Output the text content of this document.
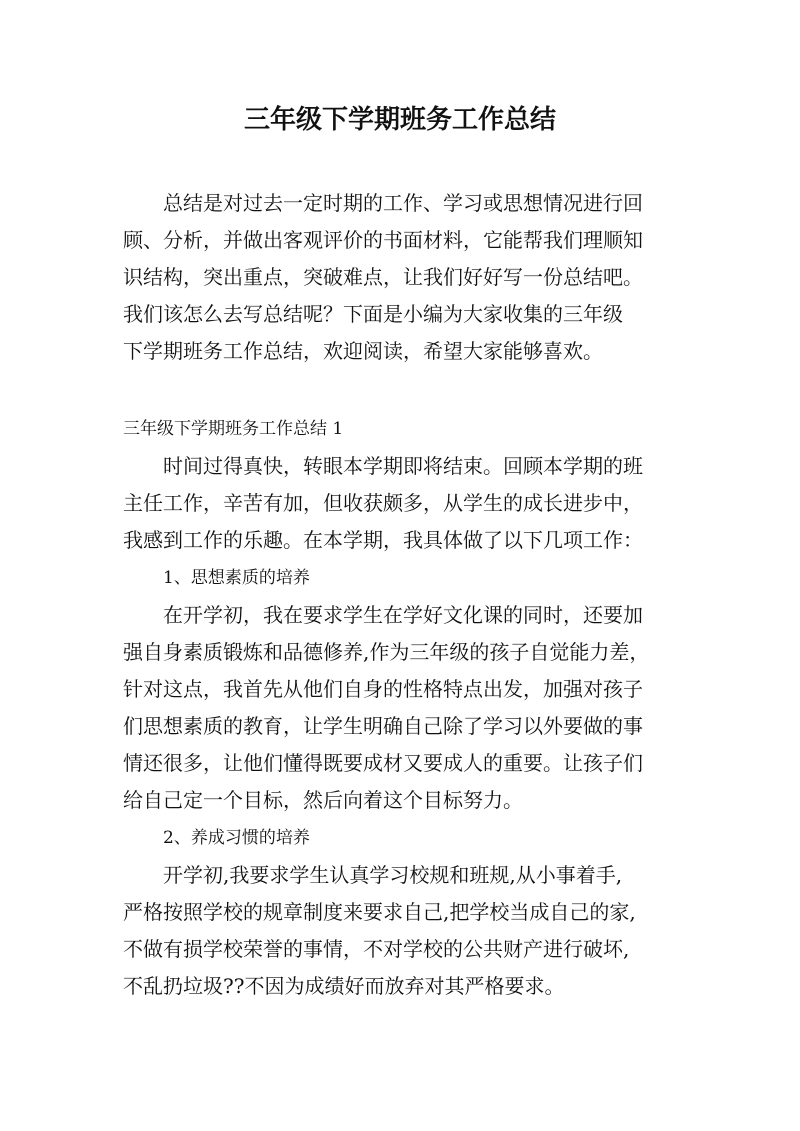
三年级下学期班务工作总结
总结是对过去一定时期的工作、学习或思想情况进行回
顾、分析，并做出客观评价的书面材料，它能帮我们理顺知
识结构，突出重点，突破难点，让我们好好写一份总结吧。
我们该怎么去写总结呢？下面是小编为大家收集的三年级
下学期班务工作总结，欢迎阅读，希望大家能够喜欢。
三年级下学期班务工作总结 1
时间过得真快，转眼本学期即将结束。回顾本学期的班
主任工作，辛苦有加，但收获颇多，从学生的成长进步中，
我感到工作的乐趣。在本学期，我具体做了以下几项工作：
1、思想素质的培养
在开学初，我在要求学生在学好文化课的同时，还要加
强自身素质锻炼和品德修养,作为三年级的孩子自觉能力差，
针对这点，我首先从他们自身的性格特点出发，加强对孩子
们思想素质的教育，让学生明确自己除了学习以外要做的事
情还很多，让他们懂得既要成材又要成人的重要。让孩子们
给自己定一个目标，然后向着这个目标努力。
2、养成习惯的培养
开学初,我要求学生认真学习校规和班规,从小事着手,
严格按照学校的规章制度来要求自己,把学校当成自己的家,
不做有损学校荣誉的事情，不对学校的公共财产进行破坏,
不乱扔垃圾??不因为成绩好而放弃对其严格要求。
